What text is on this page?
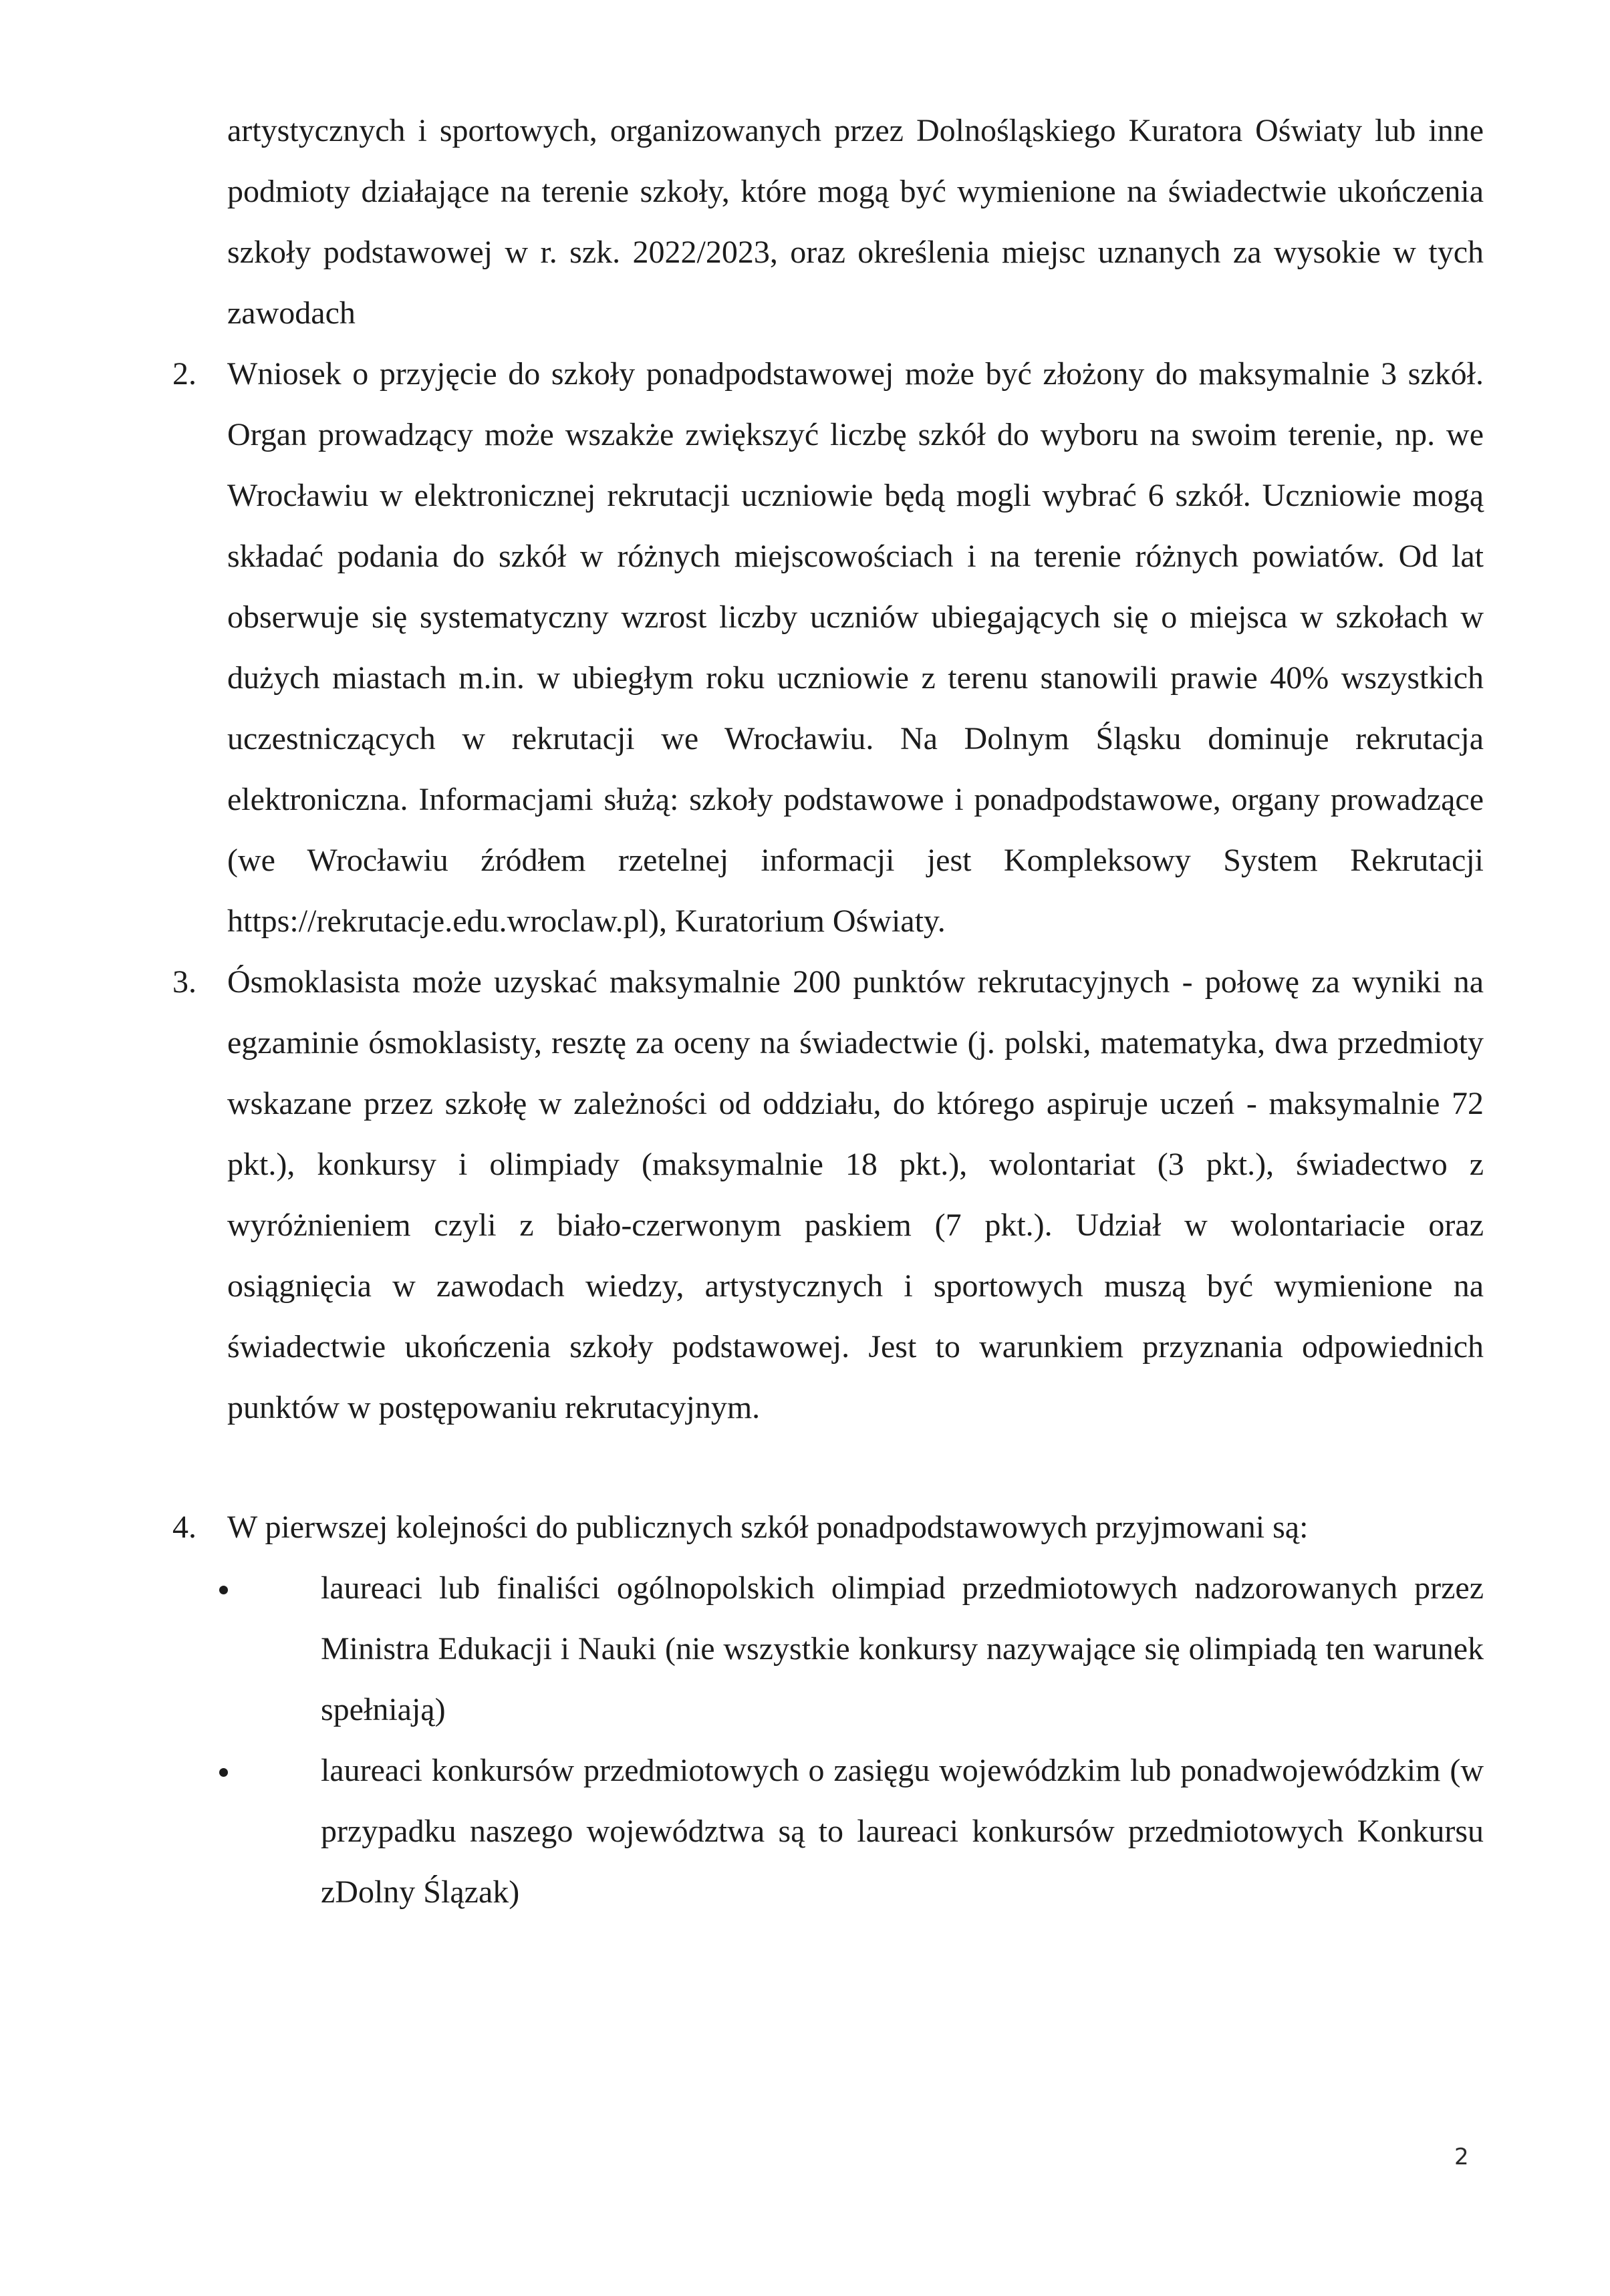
artystycznych i sportowych, organizowanych przez Dolnośląskiego Kuratora Oświaty lub inne podmioty działające na terenie szkoły, które mogą być wymienione na świadectwie ukończenia szkoły podstawowej w r. szk. 2022/2023, oraz określenia miejsc uznanych za wysokie w tych zawodach

2. Wniosek o przyjęcie do szkoły ponadpodstawowej może być złożony do maksymalnie 3 szkół. Organ prowadzący może wszakże zwiększyć liczbę szkół do wyboru na swoim terenie, np. we Wrocławiu w elektronicznej rekrutacji uczniowie będą mogli wybrać 6 szkół. Uczniowie mogą składać podania do szkół w różnych miejscowościach i na terenie różnych powiatów. Od lat obserwuje się systematyczny wzrost liczby uczniów ubiegających się o miejsca w szkołach w dużych miastach m.in. w ubiegłym roku uczniowie z terenu stanowili prawie 40% wszystkich uczestniczących w rekrutacji we Wrocławiu. Na Dolnym Śląsku dominuje rekrutacja elektroniczna. Informacjami służą: szkoły podstawowe i ponadpodstawowe, organy prowadzące (we Wrocławiu źródłem rzetelnej informacji jest Kompleksowy System Rekrutacji https://rekrutacje.edu.wroclaw.pl), Kuratorium Oświaty.

3. Ósmoklasista może uzyskać maksymalnie 200 punktów rekrutacyjnych - połowę za wyniki na egzaminie ósmoklasisty, resztę za oceny na świadectwie (j. polski, matematyka, dwa przedmioty wskazane przez szkołę w zależności od oddziału, do którego aspiruje uczeń - maksymalnie 72 pkt.), konkursy i olimpiady (maksymalnie 18 pkt.), wolontariat (3 pkt.), świadectwo z wyróżnieniem czyli z biało-czerwonym paskiem (7 pkt.). Udział w wolontariacie oraz osiągnięcia w zawodach wiedzy, artystycznych i sportowych muszą być wymienione na świadectwie ukończenia szkoły podstawowej. Jest to warunkiem przyznania odpowiednich punktów w postępowaniu rekrutacyjnym.

4. W pierwszej kolejności do publicznych szkół ponadpodstawowych przyjmowani są:

laureaci lub finaliści ogólnopolskich olimpiad przedmiotowych nadzorowanych przez Ministra Edukacji i Nauki (nie wszystkie konkursy nazywające się olimpiadą ten warunek spełniają)

laureaci konkursów przedmiotowych o zasięgu wojewódzkim lub ponadwojewódzkim (w przypadku naszego województwa są to laureaci konkursów przedmiotowych Konkursu zDolny Ślązak)

2
